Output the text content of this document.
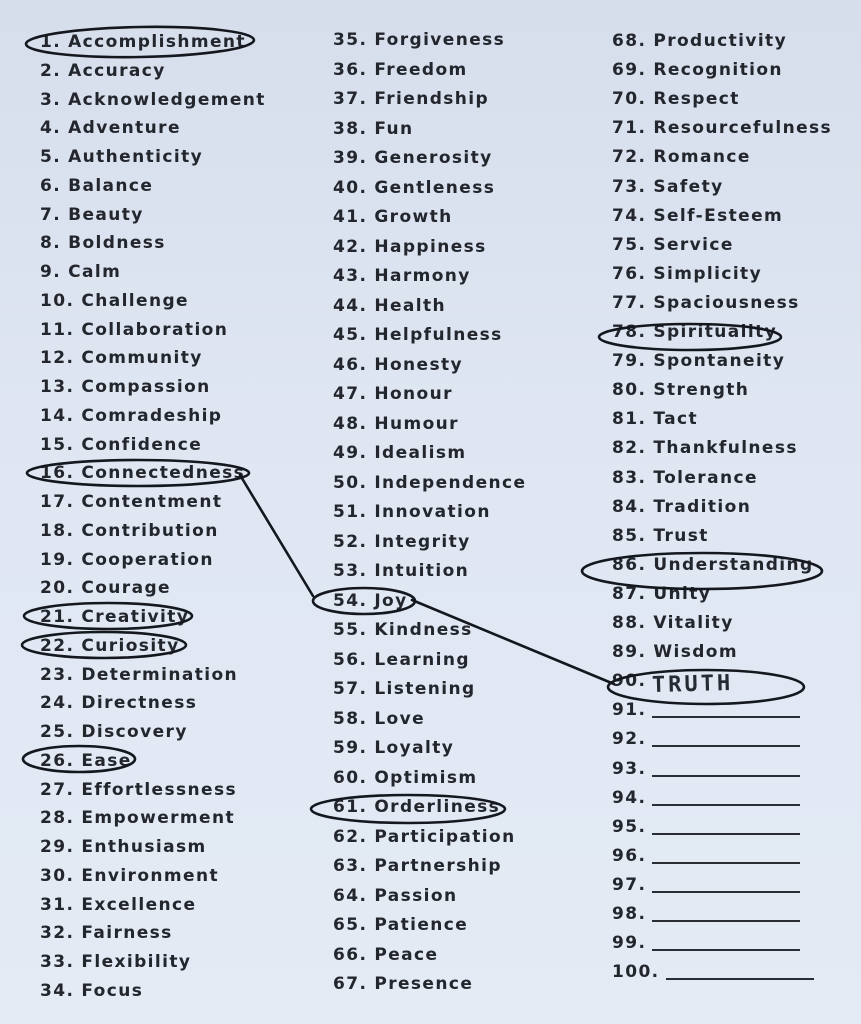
1. Accomplishment
2. Accuracy
3. Acknowledgement
4. Adventure
5. Authenticity
6. Balance
7. Beauty
8. Boldness
9. Calm
10. Challenge
11. Collaboration
12. Community
13. Compassion
14. Comradeship
15. Confidence
16. Connectedness
17. Contentment
18. Contribution
19. Cooperation
20. Courage
21. Creativity
22. Curiosity
23. Determination
24. Directness
25. Discovery
26. Ease
27. Effortlessness
28. Empowerment
29. Enthusiasm
30. Environment
31. Excellence
32. Fairness
33. Flexibility
34. Focus
35. Forgiveness
36. Freedom
37. Friendship
38. Fun
39. Generosity
40. Gentleness
41. Growth
42. Happiness
43. Harmony
44. Health
45. Helpfulness
46. Honesty
47. Honour
48. Humour
49. Idealism
50. Independence
51. Innovation
52. Integrity
53. Intuition
54. Joy
55. Kindness
56. Learning
57. Listening
58. Love
59. Loyalty
60. Optimism
61. Orderliness
62. Participation
63. Partnership
64. Passion
65. Patience
66. Peace
67. Presence
68. Productivity
69. Recognition
70. Respect
71. Resourcefulness
72. Romance
73. Safety
74. Self-Esteem
75. Service
76. Simplicity
77. Spaciousness
78. Spirituality
79. Spontaneity
80. Strength
81. Tact
82. Thankfulness
83. Tolerance
84. Tradition
85. Trust
86. Understanding
87. Unity
88. Vitality
89. Wisdom
90.
91.
92.
93.
94.
95.
96.
97.
98.
99.
100.
TRUTH
